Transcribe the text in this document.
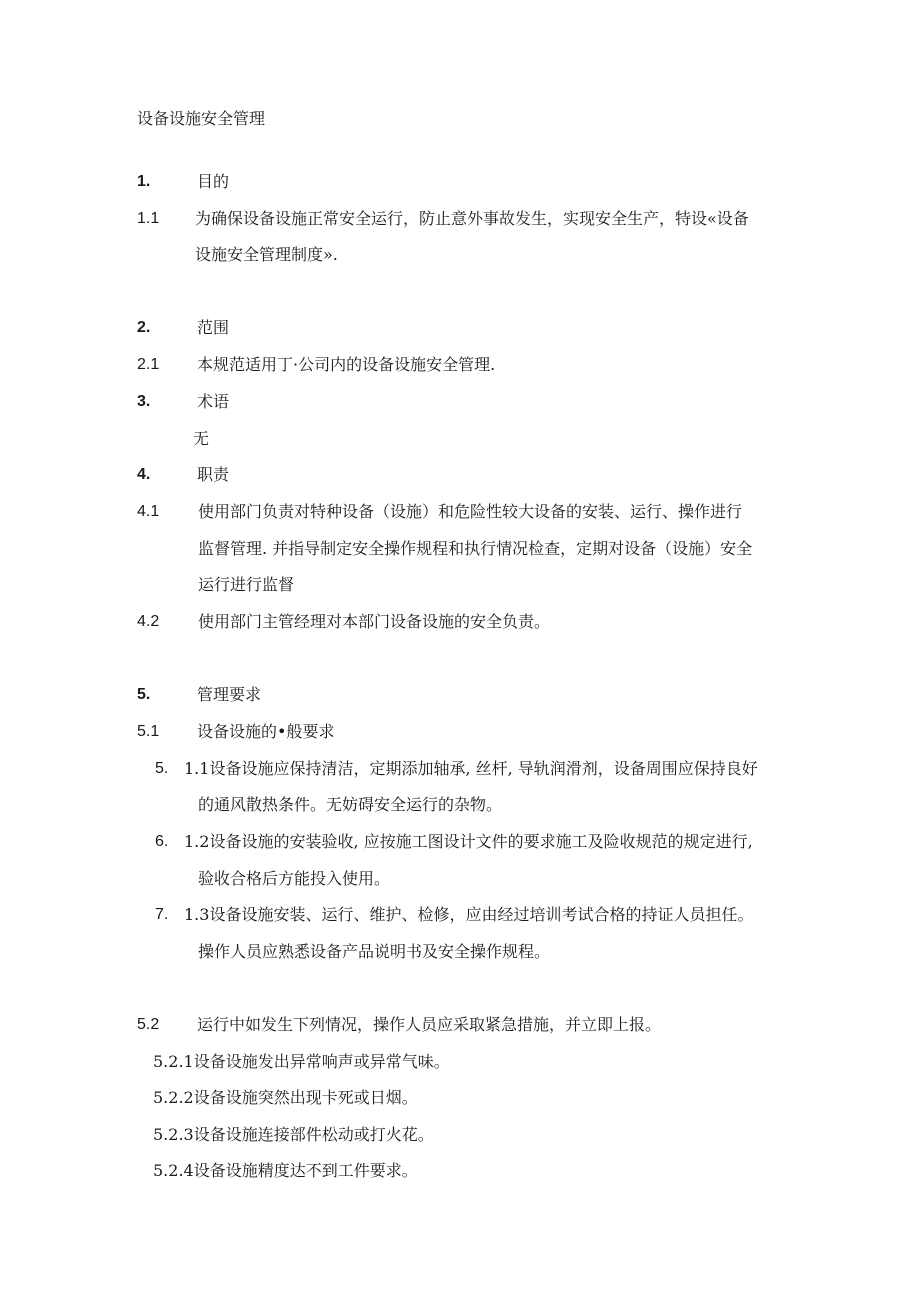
设备设施安全管理
1.	目的
1.1 为确保设备设施正常安全运行，防止意外事故发生，实现安全生产，特设«设备
设施安全管理制度».
2.	范围
2.1 本规范适用丁·公司内的设备设施安全管理.
3.	术语
无
4.	职责
4.1 使用部门负责对特种设备（设施）和危险性较大设备的安装、运行、操作进行
监督管理. 并指导制定安全操作规程和执行情况检查，定期对设备（设施）安全
运行进行监督
4.2 使用部门主管经理对本部门设备设施的安全负责。
5.	管理要求
5.1 设备设施的•般要求
5. 1.1设备设施应保持清洁，定期添加轴承, 丝杆, 导轨润滑剂，设备周围应保持良好
的通风散热条件。无妨碍安全运行的杂物。
6. 1.2设备设施的安装验收, 应按施工图设计文件的要求施工及险收规范的规定进行,
验收合格后方能投入使用。
7. 1.3设备设施安装、运行、维护、检修，应由经过培训考试合格的持证人员担任。
操作人员应熟悉设备产品说明书及安全操作规程。
5.2 运行中如发生下列情况，操作人员应采取紧急措施，并立即上报。
5.2.1设备设施发出异常响声或异常气味。
5.2.2设备设施突然出现卡死或日烟。
5.2.3设备设施连接部件松动或打火花。
5.2.4设备设施精度达不到工件要求。
